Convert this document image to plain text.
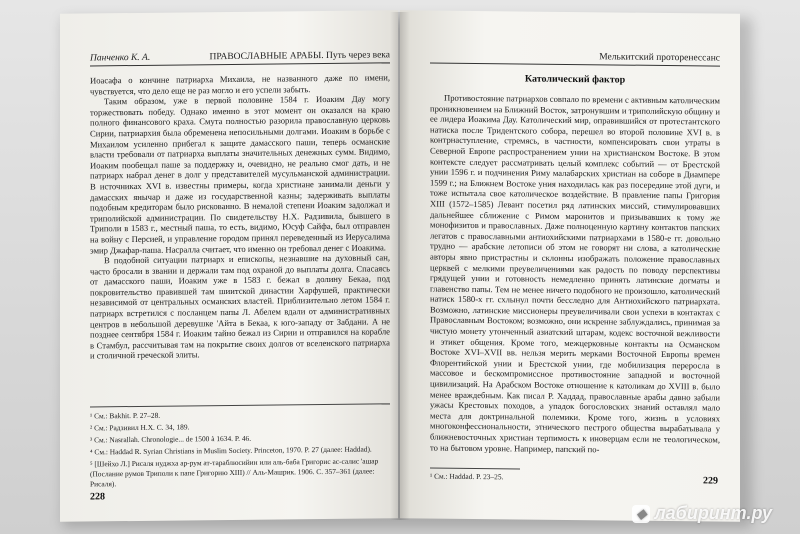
Панченко К. А.	ПРАВОСЛАВНЫЕ АРАБЫ. Путь через века

Иоасафа о кончине патриарха Михаила, не названного даже по имени, чувствуется, что дело еще не раз могло и его успели забыть.

Таким образом, уже в первой половине 1584 г. Иоаким Дау могу торжествовать победу. Однако именно в этот момент он оказался на краю полного финансового краха. Смута полностью разорила православную церковь Сирии, патриархия была обременена непосильными долгами. Иоаким в борьбе с Михаилом усиленно прибегал к защите дамасского паши, теперь османские власти требовали от патриарха выплаты значительных денежных сумм. Видимо, Иоаким пообещал паше за поддержку и, очевидно, не реально смог дать, и не патриарх набрал денег в долг у представителей мусульманской администрации. В источниках XVI в. известны примеры, когда христиане занимали деньги у дамасских янычар и даже из государственной казны; задерживать выплаты подобным кредиторам было рискованно. В немалой степени Иоаким задолжал и триполийской администрации. По свидетельству Н.Х. Радзивила, бывшего в Триполи в 1583 г., местный паша, то есть, видимо, Юсуф Сайфа, был отправлен на войну с Персией, и управление городом принял переведенный из Иерусалима эмир Джафар-паша. Насралла считает, что именно он требовал денег с Иоакима.

В подобной ситуации патриарх и епископы, незнавшие на духовный сан, часто бросали в звании и держали там под охраной до выплаты долга. Спасаясь от дамасского паши, Иоаким уже в 1583 г. бежал в долину Бекаа, под покровительство правившей там шиитской династии Харфушей, практически независимой от центральных османских властей. Приблизительно летом 1584 г. патриарх встретился с посланцем папы Л. Абелем вдали от административных центров в небольшой деревушке 'Айта в Бекаа, к юго-западу от Забдани. А не позднее сентября 1584 г. Иоаким тайно бежал из Сирии и отправился на корабле в Стамбул, рассчитывая там на покрытие своих долгов от вселенского патриарха и столичной греческой элиты.

¹ См.: Bakhit. P. 27–28.
² См.: Радзивил Н.Х. С. 34, 189.
³ См.: Nasrallah. Chronologie... de 1500 à 1634. P. 46.
⁴ См.: Haddad R. Syrian Christians in Muslim Society. Princeton, 1970. P. 27 (далее: Haddad).
⁵ [Шейхо Л.] Рисаля нуджха ар-рум ат-тараблюсийин или аль-баба Григорис ас-салис 'ашар (Послание румов Триполи к папе Григорию XIII) // Аль-Машрик. 1906. С. 357–361 (далее: Рисаля).
228
Мелькитский протоpенессанс
Католический фактор

Противостояние патриархов совпало по времени с активным католическим проникновением на Ближний Восток, затронувшим и триполийскую общину и ее лидера Иоакима Дау. Католический мир, оправившийся от протестантского натиска после Тридентского собора, перешел во второй половине XVI в. в контрнаступление, стремясь, в частности, компенсировать свои утраты в Северной Европе распространением унии на христианском Востоке. В этом контексте следует рассматривать целый комплекс событий — от Брестской унии 1596 г. и подчинения Риму малабарских христиан на соборе в Диампере 1599 г.; на Ближнем Востоке уния находилась как раз посередине этой дуги, и тоже испытала свое католическое воздействие. В правление папы Григория XIII (1572–1585) Левант посетил ряд латинских миссий, стимулировавших дальнейшее сближение с Римом маронитов и призывавших к тому же монофизитов и православных. Даже полноценную картину контактов папских легатов с православными антиохийскими патриархами в 1580-е гг. довольно трудно — арабские летописи об этом не говорят ни слова, а католические авторы явно пристрастны и склонны изображать положение православных церквей с мелкими преувеличениями как радость по поводу перспективы грядущей унии и готовность немедленно принять латинские догматы и главенство папы. Тем не менее ничего подобного не произошло, католический натиск 1580-х гг. схлынул почти бесследно для Антиохийского патриархата. Возможно, латинские миссионеры преувеличивали свои успехи в контактах с Православным Востоком; возможно, они искренне заблуждались, принимая за чистую монету утонченный азиатский штарам, кодекс восточной вежливости и этикет общения. Кроме того, межцерковные контакты на Османском Востоке XVI–XVII вв. нельзя мерить мерками Восточной Европы времен Флорентийской унии и Брестской унии, где мобилизация переросла в массовое и бескомпромиссное противостояние западной и восточной цивилизаций. На Арабском Востоке отношение к католикам до XVIII в. было менее враждебным. Как писал Р. Хаддад, православные арабы давно забыли ужасы Крестовых походов, а упадок богословских знаний оставлял мало места для доктринальной полемики. Кроме того, жизнь в условиях многоконфессиональности, этнического пестрого общества вырабатывала у ближневосточных христиан терпимость к иноверцам если не теологическом, то на бытовом уровне. Например, папский по-

¹ См.: Haddad. P. 23–25.	229
◆ лабиринт.ру
